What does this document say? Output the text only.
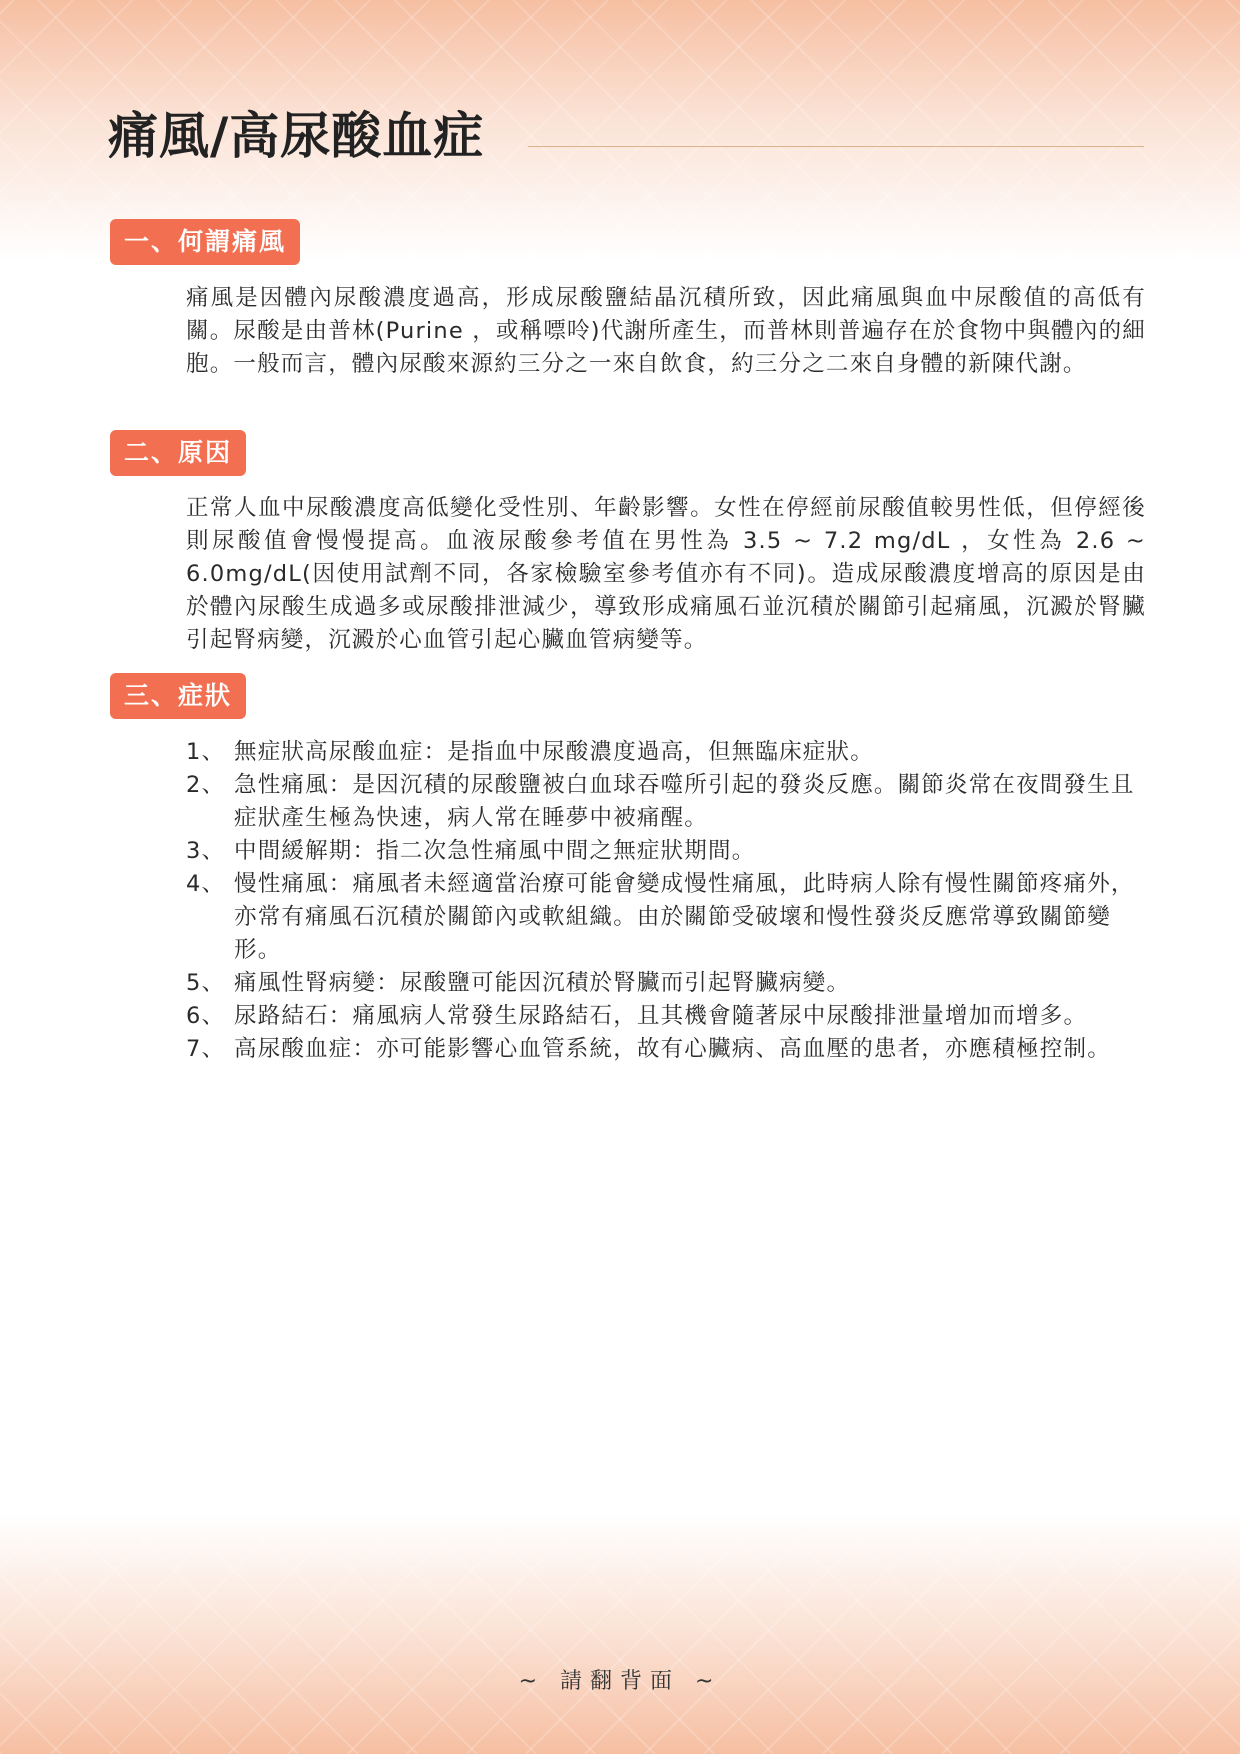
痛風/高尿酸血症
一、何謂痛風

痛風是因體內尿酸濃度過高，形成尿酸鹽結晶沉積所致，因此痛風與血中尿酸值的高低有關。尿酸是由普林(Purine ，或稱嘌呤)代謝所產生，而普林則普遍存在於食物中與體內的細胞。一般而言，體內尿酸來源約三分之一來自飲食，約三分之二來自身體的新陳代謝。

二、原因

正常人血中尿酸濃度高低變化受性別、年齡影響。女性在停經前尿酸值較男性低，但停經後則尿酸值會慢慢提高。血液尿酸參考值在男性為 3.5 ~ 7.2 mg/dL ，女性為 2.6 ~ 6.0mg/dL(因使用試劑不同，各家檢驗室參考值亦有不同)。造成尿酸濃度增高的原因是由於體內尿酸生成過多或尿酸排泄減少，導致形成痛風石並沉積於關節引起痛風，沉澱於腎臟引起腎病變，沉澱於心血管引起心臟血管病變等。

三、症狀
1、 無症狀高尿酸血症：是指血中尿酸濃度過高，但無臨床症狀。
2、 急性痛風：是因沉積的尿酸鹽被白血球吞噬所引起的發炎反應。關節炎常在夜間發生且症狀產生極為快速，病人常在睡夢中被痛醒。
3、 中間緩解期：指二次急性痛風中間之無症狀期間。
4、 慢性痛風：痛風者未經適當治療可能會變成慢性痛風，此時病人除有慢性關節疼痛外，亦常有痛風石沉積於關節內或軟組織。由於關節受破壞和慢性發炎反應常導致關節變形。
5、 痛風性腎病變：尿酸鹽可能因沉積於腎臟而引起腎臟病變。
6、 尿路結石：痛風病人常發生尿路結石，且其機會隨著尿中尿酸排泄量增加而增多。
7、 高尿酸血症：亦可能影響心血管系統，故有心臟病、高血壓的患者，亦應積極控制。
~ 請翻背面 ~
